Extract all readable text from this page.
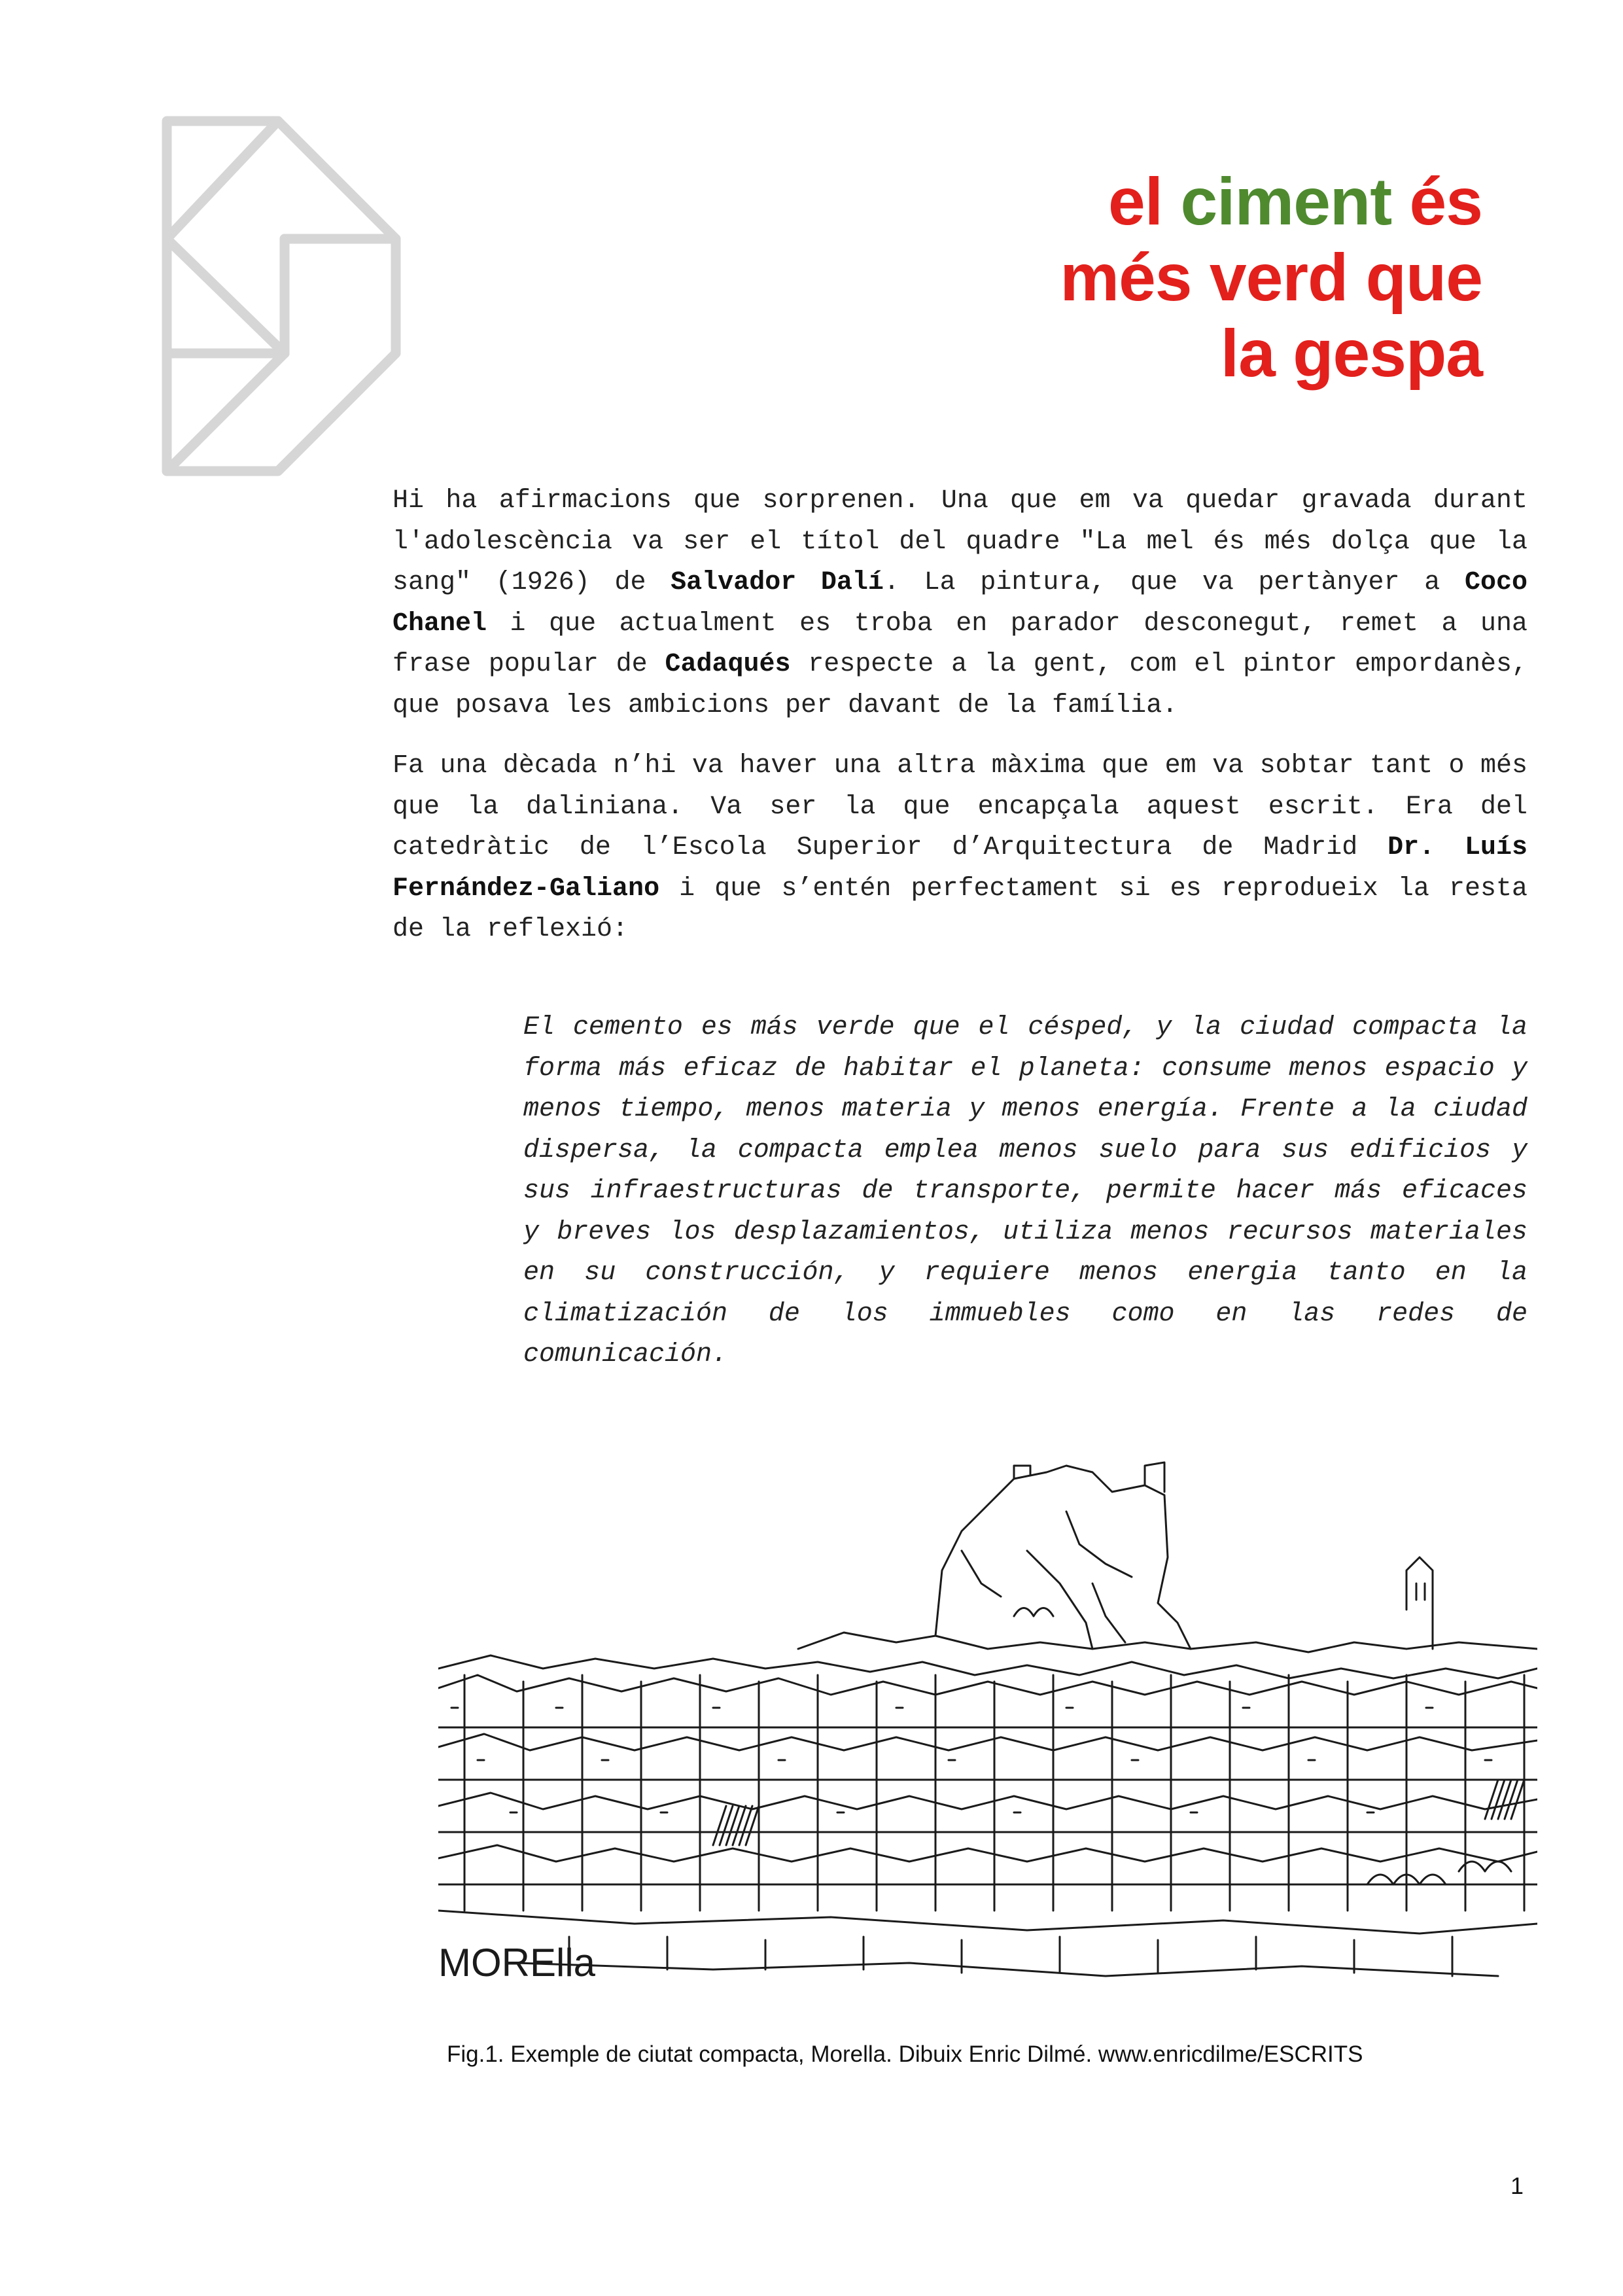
el ciment és
més verd que
la gespa

Hi ha afirmacions que sorprenen. Una que em va quedar gravada durant l'adolescència va ser el títol del quadre "La mel és més dolça que la sang" (1926) de Salvador Dalí. La pintura, que va pertànyer a Coco Chanel i que actualment es troba en parador desconegut, remet a una frase popular de Cadaqués respecte a la gent, com el pintor empordanès, que posava les ambicions per davant de la família.

Fa una dècada n’hi va haver una altra màxima que em va sobtar tant o més que la daliniana. Va ser la que encapçala aquest escrit. Era del catedràtic de l’Escola Superior d’Arquitectura de Madrid Dr. Luís Fernández-Galiano i que s’entén perfectament si es reprodueix la resta de la reflexió:

El cemento es más verde que el césped, y la ciudad compacta la forma más eficaz de habitar el planeta: consume menos espacio y menos tiempo, menos materia y menos energía. Frente a la ciudad dispersa, la compacta emplea menos suelo para sus edificios y sus infraestructuras de transporte, permite hacer más eficaces y breves los desplazamientos, utiliza menos recursos materiales en su construcción, y requiere menos energia tanto en la climatización de los immuebles como en las redes de comunicación.

MORElla

Fig.1. Exemple de ciutat compacta, Morella. Dibuix Enric Dilmé. www.enricdilme/ESCRITS

1
